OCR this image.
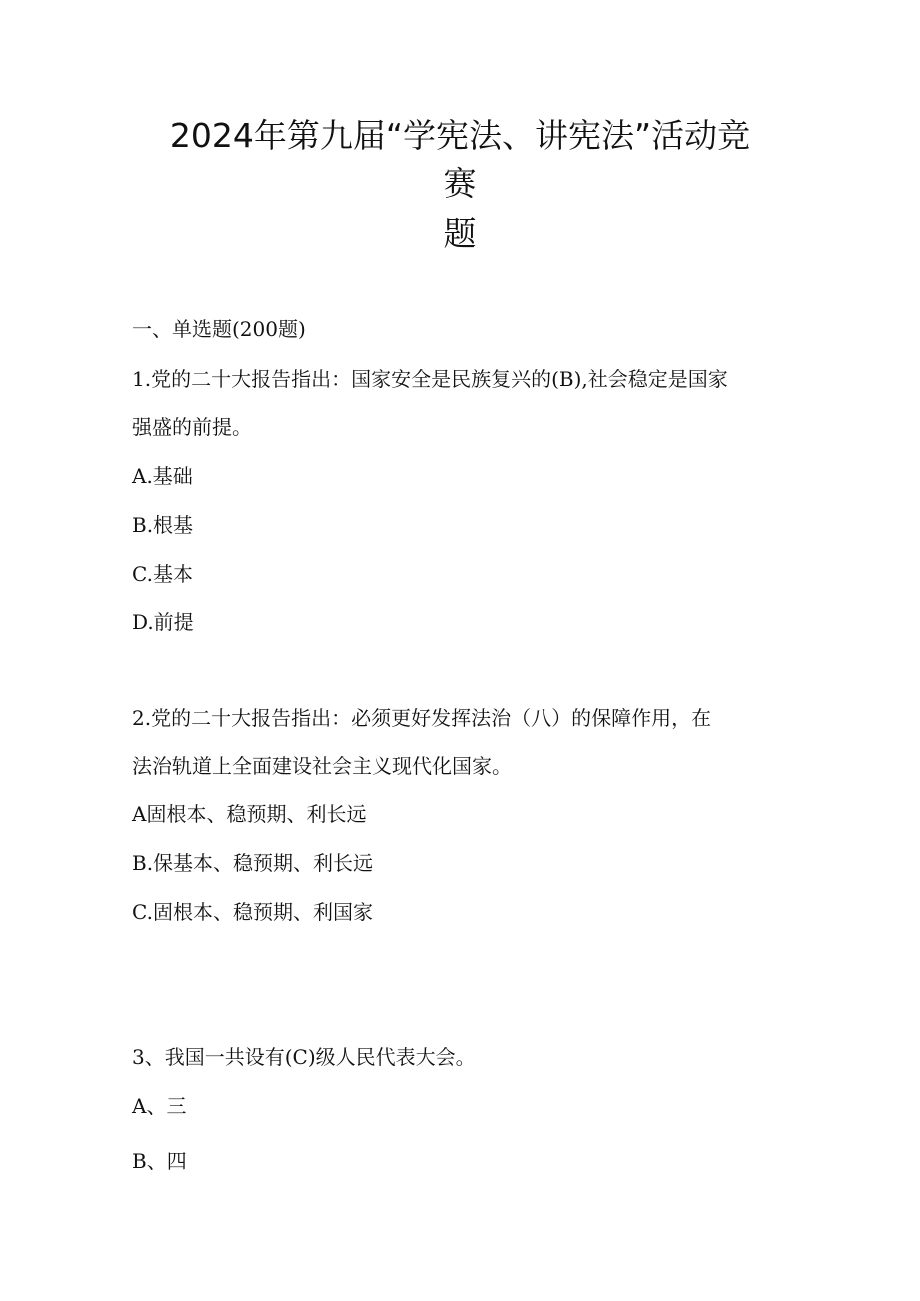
2024年第九届“学宪法、讲宪法”活动竞
赛
题
一、单选题(200题)
1.党的二十大报告指出：国家安全是民族复兴的(B),社会稳定是国家
强盛的前提。
A.基础
B.根基
C.基本
D.前提
2.党的二十大报告指出：必须更好发挥法治（八）的保障作用，在
法治轨道上全面建设社会主义现代化国家。
A固根本、稳预期、利长远
B.保基本、稳预期、利长远
C.固根本、稳预期、利国家
3、我国一共设有(C)级人民代表大会。
A、三
B、四
